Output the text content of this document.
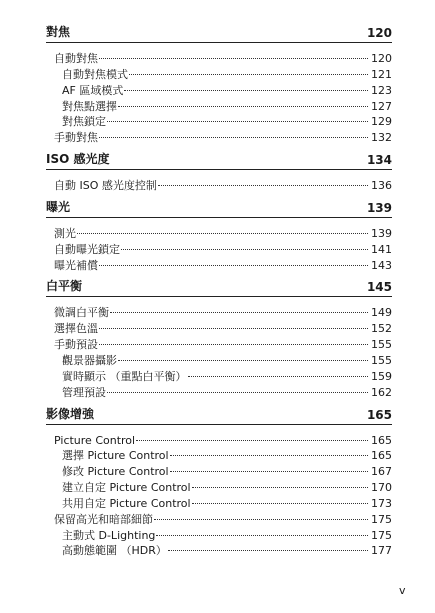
對焦	120
自動對焦	120
自動對焦模式	121
AF 區域模式	123
對焦點選擇	127
對焦鎖定	129
手動對焦	132
ISO 感光度	134
自動 ISO 感光度控制	136
曝光	139
測光	139
自動曝光鎖定	141
曝光補償	143
白平衡	145
微調白平衡	149
選擇色溫	152
手動預設	155
觀景器攝影	155
實時顯示 （重點白平衡）	159
管理預設	162
影像增強	165
Picture Control	165
選擇 Picture Control	165
修改 Picture Control	167
建立自定 Picture Control	170
共用自定 Picture Control	173
保留高光和暗部細節	175
主動式 D-Lighting	175
高動態範圍 （HDR）	177
v
